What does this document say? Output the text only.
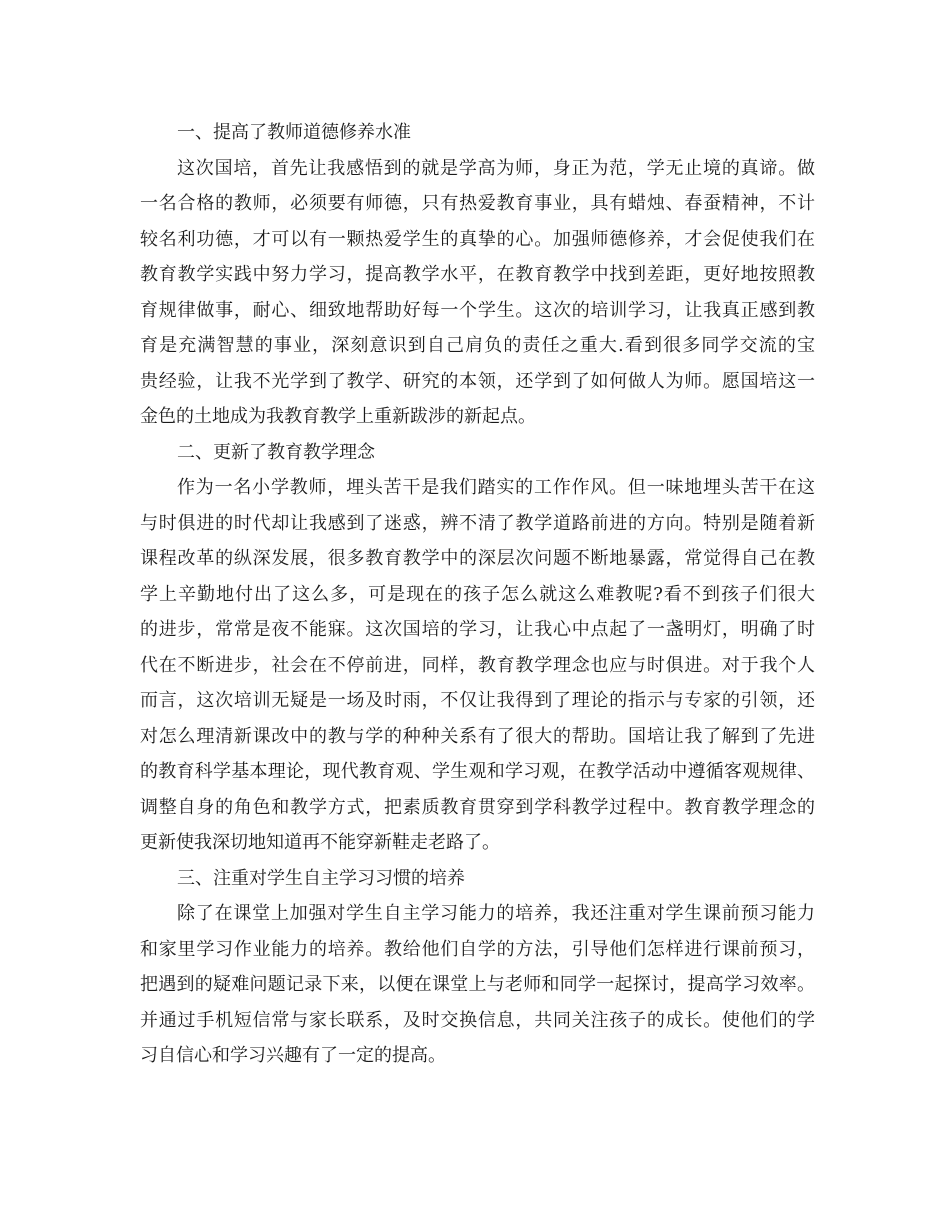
一、提高了教师道德修养水准
这次国培，首先让我感悟到的就是学高为师，身正为范，学无止境的真谛。做
一名合格的教师，必须要有师德，只有热爱教育事业，具有蜡烛、春蚕精神，不计
较名利功德，才可以有一颗热爱学生的真挚的心。加强师德修养，才会促使我们在
教育教学实践中努力学习，提高教学水平，在教育教学中找到差距，更好地按照教
育规律做事，耐心、细致地帮助好每一个学生。这次的培训学习，让我真正感到教
育是充满智慧的事业，深刻意识到自己肩负的责任之重大.看到很多同学交流的宝
贵经验，让我不光学到了教学、研究的本领，还学到了如何做人为师。愿国培这一
金色的土地成为我教育教学上重新跋涉的新起点。
二、更新了教育教学理念
作为一名小学教师，埋头苦干是我们踏实的工作作风。但一味地埋头苦干在这
与时俱进的时代却让我感到了迷惑，辨不清了教学道路前进的方向。特别是随着新
课程改革的纵深发展，很多教育教学中的深层次问题不断地暴露，常觉得自己在教
学上辛勤地付出了这么多，可是现在的孩子怎么就这么难教呢?看不到孩子们很大
的进步，常常是夜不能寐。这次国培的学习，让我心中点起了一盏明灯，明确了时
代在不断进步，社会在不停前进，同样，教育教学理念也应与时俱进。对于我个人
而言，这次培训无疑是一场及时雨，不仅让我得到了理论的指示与专家的引领，还
对怎么理清新课改中的教与学的种种关系有了很大的帮助。国培让我了解到了先进
的教育科学基本理论，现代教育观、学生观和学习观，在教学活动中遵循客观规律、
调整自身的角色和教学方式，把素质教育贯穿到学科教学过程中。教育教学理念的
更新使我深切地知道再不能穿新鞋走老路了。
三、注重对学生自主学习习惯的培养
除了在课堂上加强对学生自主学习能力的培养，我还注重对学生课前预习能力
和家里学习作业能力的培养。教给他们自学的方法，引导他们怎样进行课前预习，
把遇到的疑难问题记录下来，以便在课堂上与老师和同学一起探讨，提高学习效率。
并通过手机短信常与家长联系，及时交换信息，共同关注孩子的成长。使他们的学
习自信心和学习兴趣有了一定的提高。
